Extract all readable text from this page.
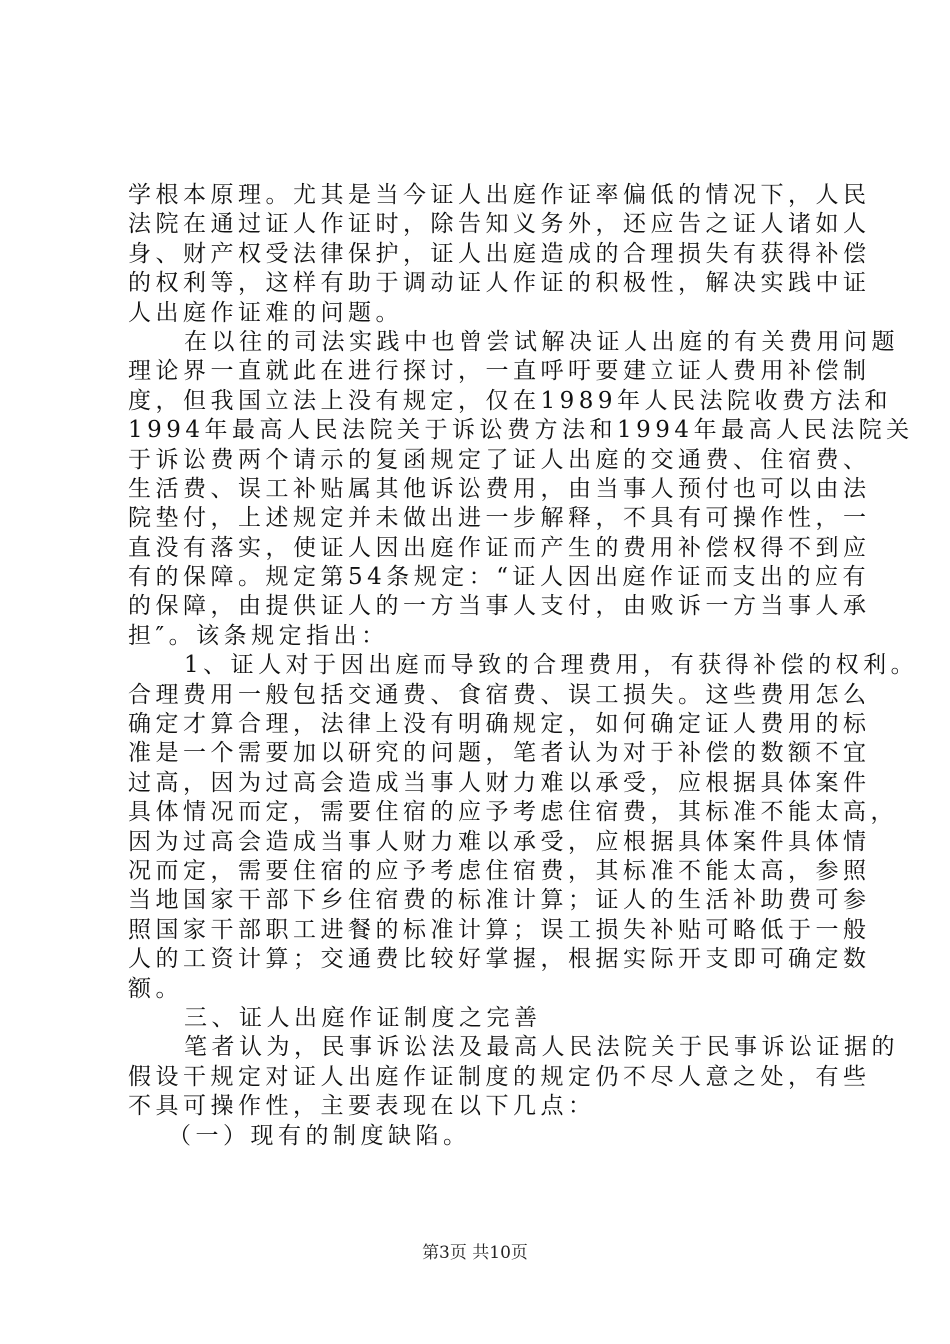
学根本原理。尤其是当今证人出庭作证率偏低的情况下，人民
法院在通过证人作证时，除告知义务外，还应告之证人诸如人
身、财产权受法律保护，证人出庭造成的合理损失有获得补偿
的权利等，这样有助于调动证人作证的积极性，解决实践中证
人出庭作证难的问题。
在以往的司法实践中也曾尝试解决证人出庭的有关费用问题
理论界一直就此在进行探讨，一直呼吁要建立证人费用补偿制
度，但我国立法上没有规定，仅在1989年人民法院收费方法和
1994年最高人民法院关于诉讼费方法和1994年最高人民法院关
于诉讼费两个请示的复函规定了证人出庭的交通费、住宿费、
生活费、误工补贴属其他诉讼费用，由当事人预付也可以由法
院垫付，上述规定并未做出进一步解释，不具有可操作性，一
直没有落实，使证人因出庭作证而产生的费用补偿权得不到应
有的保障。规定第54条规定：“证人因出庭作证而支出的应有
的保障，由提供证人的一方当事人支付，由败诉一方当事人承
担″。该条规定指出：
1、证人对于因出庭而导致的合理费用，有获得补偿的权利。
合理费用一般包括交通费、食宿费、误工损失。这些费用怎么
确定才算合理，法律上没有明确规定，如何确定证人费用的标
准是一个需要加以研究的问题，笔者认为对于补偿的数额不宜
过高，因为过高会造成当事人财力难以承受，应根据具体案件
具体情况而定，需要住宿的应予考虑住宿费，其标准不能太高，
因为过高会造成当事人财力难以承受，应根据具体案件具体情
况而定，需要住宿的应予考虑住宿费，其标准不能太高，参照
当地国家干部下乡住宿费的标准计算；证人的生活补助费可参
照国家干部职工进餐的标准计算；误工损失补贴可略低于一般
人的工资计算；交通费比较好掌握，根据实际开支即可确定数
额。
三、证人出庭作证制度之完善
笔者认为，民事诉讼法及最高人民法院关于民事诉讼证据的
假设干规定对证人出庭作证制度的规定仍不尽人意之处，有些
不具可操作性，主要表现在以下几点：
（一）现有的制度缺陷。
第3页 共10页
